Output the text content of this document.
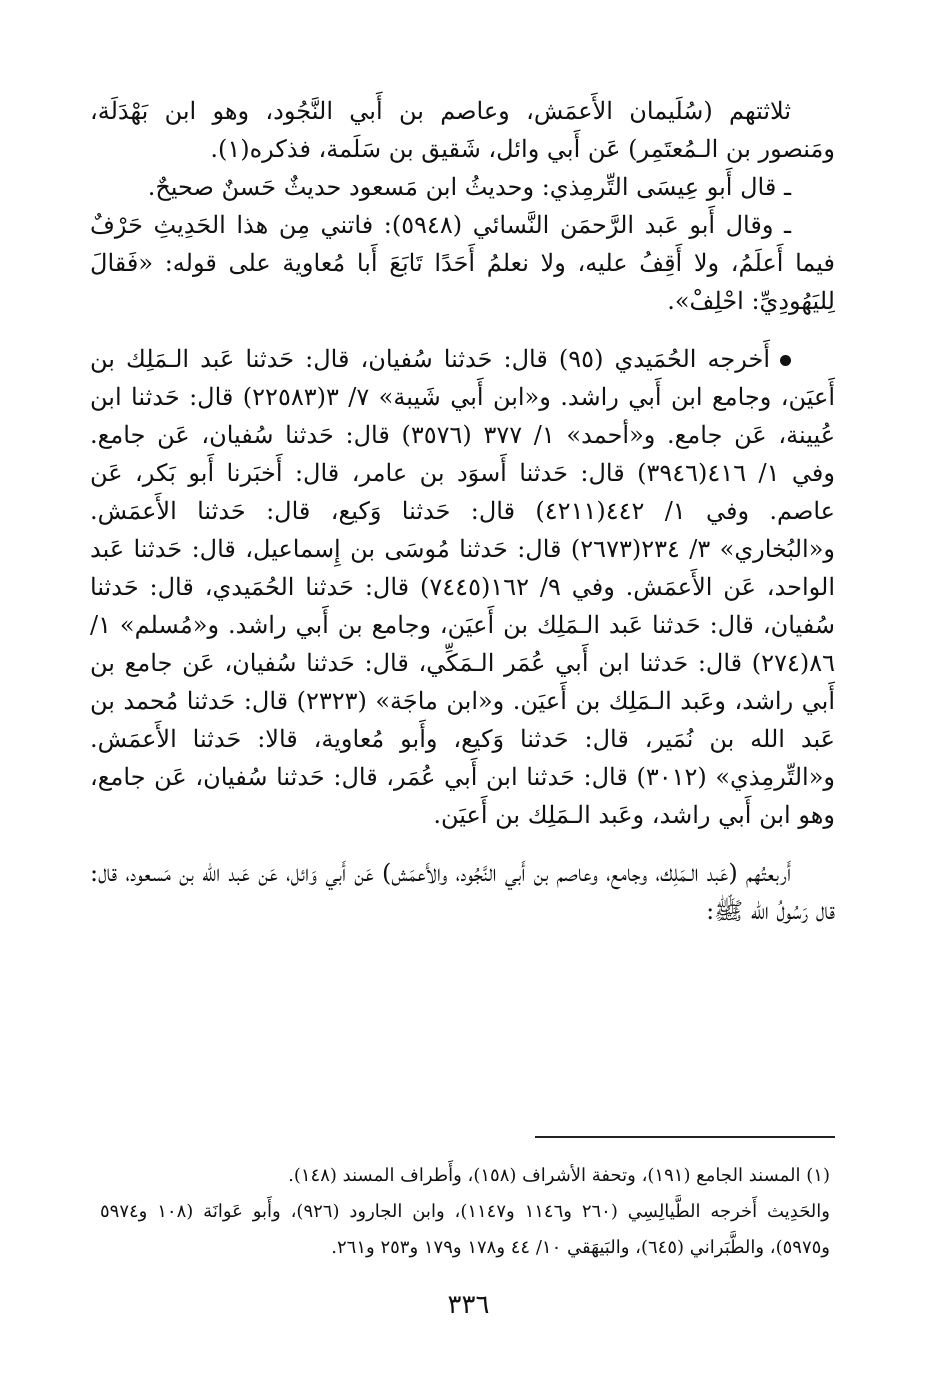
ثلاثتهم (سُلَيمان الأَعمَش، وعاصم بن أَبي النَّجُود، وهو ابن بَهْدَلَة، ومَنصور بن الـمُعتَمِر) عَن أَبي وائل، شَقيق بن سَلَمة، فذكره(١).

ـ قال أَبو عِيسَى التِّرمِذي: وحديثُ ابن مَسعود حديثٌ حَسنٌ صحيحٌ.

ـ وقال أَبو عَبد الرَّحمَن النَّسائي (٥٩٤٨): فاتني مِن هذا الحَدِيثِ حَرْفٌ فيما أَعلَمُ، ولا أَقِفُ عليه، ولا نعلمُ أَحَدًا تَابَعَ أَبا مُعاوية على قوله: «فَقالَ لِليَهُودِيِّ: احْلِفْ».

أَخرجه الحُمَيدي (٩٥) قال: حَدثنا سُفيان، قال: حَدثنا عَبد الـمَلِك بن أَعيَن، وجامع ابن أَبي راشد. و«ابن أَبي شَيبة» ٧/ ٣(٢٢٥٨٣) قال: حَدثنا ابن عُيينة، عَن جامع. و«أحمد» ١/ ٣٧٧ (٣٥٧٦) قال: حَدثنا سُفيان، عَن جامع. وفي ١/ ٤١٦(٣٩٤٦) قال: حَدثنا أَسوَد بن عامر، قال: أَخبَرنا أَبو بَكر، عَن عاصم. وفي ١/ ٤٤٢(٤٢١١) قال: حَدثنا وَكيع، قال: حَدثنا الأَعمَش. و«البُخاري» ٣/ ٢٣٤(٢٦٧٣) قال: حَدثنا مُوسَى بن إِسماعيل، قال: حَدثنا عَبد الواحد، عَن الأَعمَش. وفي ٩/ ١٦٢(٧٤٤٥) قال: حَدثنا الحُمَيدي، قال: حَدثنا سُفيان، قال: حَدثنا عَبد الـمَلِك بن أَعيَن، وجامع بن أَبي راشد. و«مُسلم» ١/ ٨٦(٢٧٤) قال: حَدثنا ابن أَبي عُمَر الـمَكِّي، قال: حَدثنا سُفيان، عَن جامع بن أَبي راشد، وعَبد الـمَلِك بن أَعيَن. و«ابن ماجَة» (٢٣٢٣) قال: حَدثنا مُحمد بن عَبد الله بن نُمَير، قال: حَدثنا وَكيع، وأَبو مُعاوية، قالا: حَدثنا الأَعمَش. و«التِّرمِذي» (٣٠١٢) قال: حَدثنا ابن أَبي عُمَر، قال: حَدثنا سُفيان، عَن جامع، وهو ابن أَبي راشد، وعَبد الـمَلِك بن أَعيَن.

أَربعتُهم (عَبد الـمَلِك، وجامع، وعاصم بن أَبي النَّجُود، والأَعمَش) عَن أَبي وَائل، عَن عَبد الله بن مَسعود، قال: قال رَسُولُ الله ﷺ:

(١) المسند الجامع (١٩١)، وتحفة الأشراف (١٥٨)، وأَطراف المسند (١٤٨).

والحَدِيث أَخرجه الطَّيالِسِي (٢٦٠ و١١٤٦ و١١٤٧)، وابن الجارود (٩٢٦)، وأَبو عَوانَة (١٠٨ و٥٩٧٤ و٥٩٧٥)، والطَّبَراني (٦٤٥)، والبَيهَقي ١٠/ ٤٤ و١٧٨ و١٧٩ و٢٥٣ و٢٦١.

٣٣٦
